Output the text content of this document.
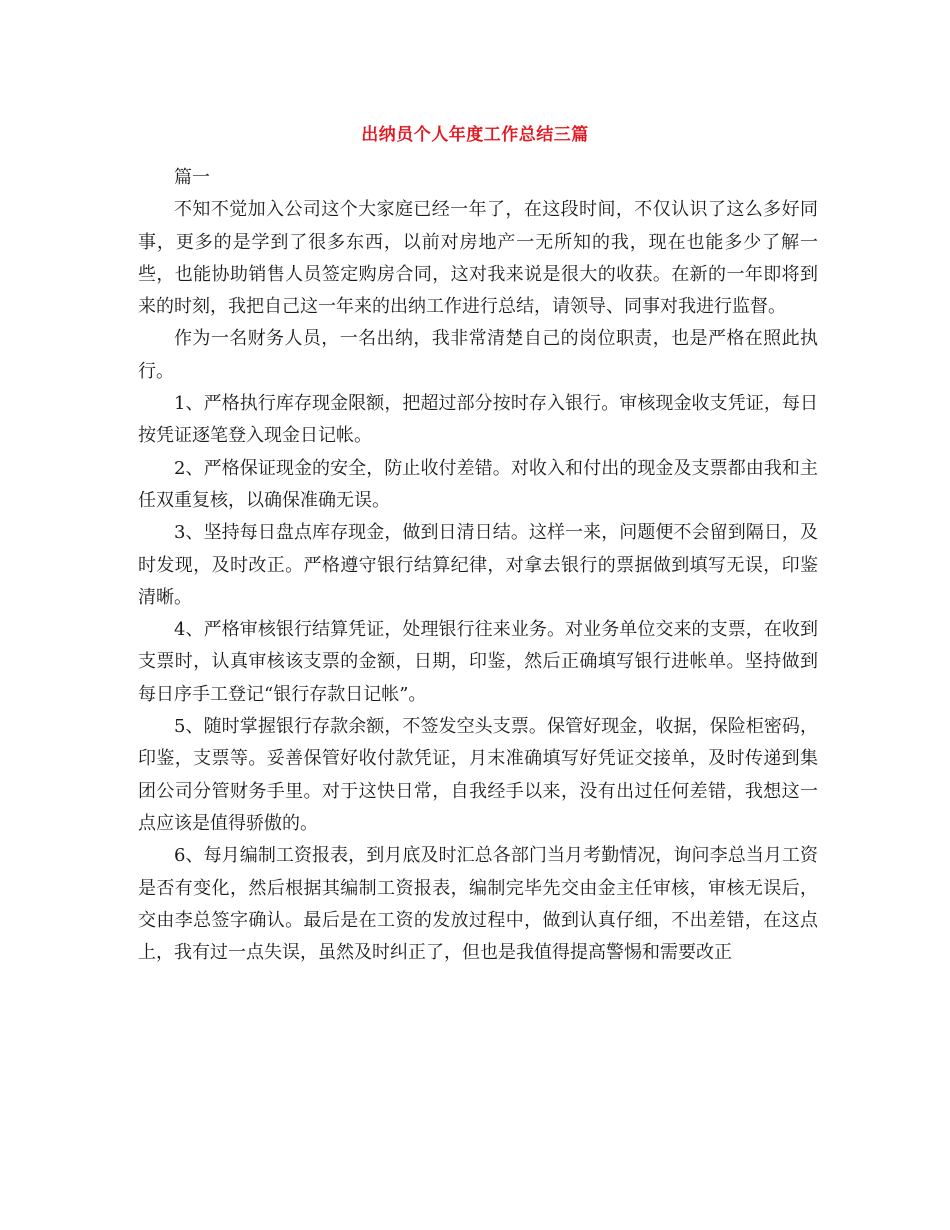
出纳员个人年度工作总结三篇

篇一

不知不觉加入公司这个大家庭已经一年了，在这段时间，不仅认识了这么多好同事，更多的是学到了很多东西，以前对房地产一无所知的我，现在也能多少了解一些，也能协助销售人员签定购房合同，这对我来说是很大的收获。在新的一年即将到来的时刻，我把自己这一年来的出纳工作进行总结，请领导、同事对我进行监督。

作为一名财务人员，一名出纳，我非常清楚自己的岗位职责，也是严格在照此执行。

1、严格执行库存现金限额，把超过部分按时存入银行。审核现金收支凭证，每日按凭证逐笔登入现金日记帐。

2、严格保证现金的安全，防止收付差错。对收入和付出的现金及支票都由我和主任双重复核，以确保准确无误。

3、坚持每日盘点库存现金，做到日清日结。这样一来，问题便不会留到隔日，及时发现，及时改正。严格遵守银行结算纪律，对拿去银行的票据做到填写无误，印鉴清晰。

4、严格审核银行结算凭证，处理银行往来业务。对业务单位交来的支票，在收到支票时，认真审核该支票的金额，日期，印鉴，然后正确填写银行进帐单。坚持做到每日序手工登记“银行存款日记帐”。

5、随时掌握银行存款余额，不签发空头支票。保管好现金，收据，保险柜密码，印鉴，支票等。妥善保管好收付款凭证，月末准确填写好凭证交接单，及时传递到集团公司分管财务手里。对于这快日常，自我经手以来，没有出过任何差错，我想这一点应该是值得骄傲的。

6、每月编制工资报表，到月底及时汇总各部门当月考勤情况，询问李总当月工资是否有变化，然后根据其编制工资报表，编制完毕先交由金主任审核，审核无误后，交由李总签字确认。最后是在工资的发放过程中，做到认真仔细，不出差错，在这点上，我有过一点失误，虽然及时纠正了，但也是我值得提高警惕和需要改正
